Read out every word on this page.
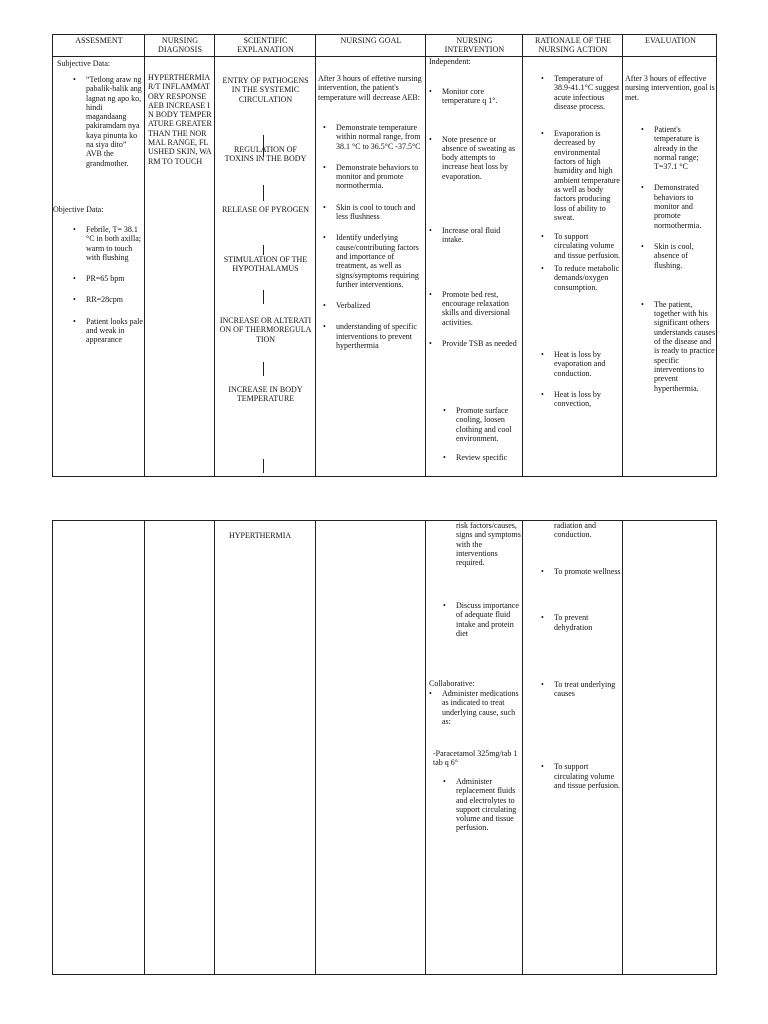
ASSESMENT	NURSING DIAGNOSIS
SCIENTIFIC EXPLANATION
NURSING GOAL	NURSING INTERVENTION
RATIONALE OF THE NURSING ACTION
EVALUATION
Subjective Data:
• “Tetlong araw ng pabalik-balik ang lagnat ng apo ko, hindi magandaang pakiramdam nya kaya pinunta ko na siya dito” AVB the grandmother.
Objective Data:
• Febrile, T= 38.1 °C in both axilla; warm to touch with flushing
• PR=65 bpm
• RR=28cpm
• Patient looks pale and weak in appearance
HYPERTHERMIA R/T INFLAMMATORY RESPONSE AEB INCREASE IN BODY TEMPERATURE GREATER THAN THE NORMAL RANGE, FLUSHED SKIN, WARM TO TOUCH
ENTRY OF PATHOGENS IN THE SYSTEMIC CIRCULATION
REGULATION OF TOXINS IN THE BODY
RELEASE OF PYROGEN
STIMULATION OF THE HYPOTHALAMUS
INCREASE OR ALTERATION OF THERMOREGULATION
INCREASE IN BODY TEMPERATURE
After 3 hours of effetive nursing intervention, the patient's temperature will decrease AEB:
• Demonstrate temperature within normal range, from 38.1 °C to 36.5°C -37.5°C
• Demonstrate behaviors to monitor and promote normothermia.
• Skin is cool to touch and less flushness
• Identify underlying cause/contributing factors and importance of treatment, as well as signs/symptoms requiring further interventions.
• Verbalized
• understanding of specific interventions to prevent hyperthermia
Independent:
• Monitor core temperature q 1°.
• Note presence or absence of sweating as body attempts to increase heat loss by evaporation.
• Increase oral fluid intake.
• Promote bed rest, encourage relaxation skills and diversional activities.
• Provide TSB as needed
• Promote surface cooling, loosen clothing and cool environment.
• Review specific
• Temperature of 38.9-41.1°C suggest acute infectious disease process.
• Evaporation is decreased by environmental factors of high humidity and high ambient temperature as well as body factors producing loss of ability to sweat.
• To support circulating volume and tissue perfusion.
• To reduce metabolic demands/oxygen consumption.
• Heat is loss by evaporation and conduction.
• Heat is loss by convection,
After 3 hours of effective nursing intervention, goal is met.
• Patient's temperature is already in the normal range; T=37.1 °C
• Demonstrated behaviors to monitor and promote normothermia.
• Skin is cool, absence of flushing.
• The patient, together with his significant others understands causes of the disease and is ready to practice specific interventions to prevent hyperthermia.
HYPERTHERMIA
risk factors/causes, signs and symptoms with the interventions required.
• Discuss importance of adequate fluid intake and protein diet
Collaborative:
• Administer medications as indicated to treat underlying cause, such as:
-Paracetamol 325mg/tab 1 tab q 6°
• Administer replacement fluids and electrolytes to support circulating volume and tissue perfusion.
radiation and conduction.
• To promote wellness
• To prevent dehydration
• To treat underlying causes
• To support circulating volume and tissue perfusion.
